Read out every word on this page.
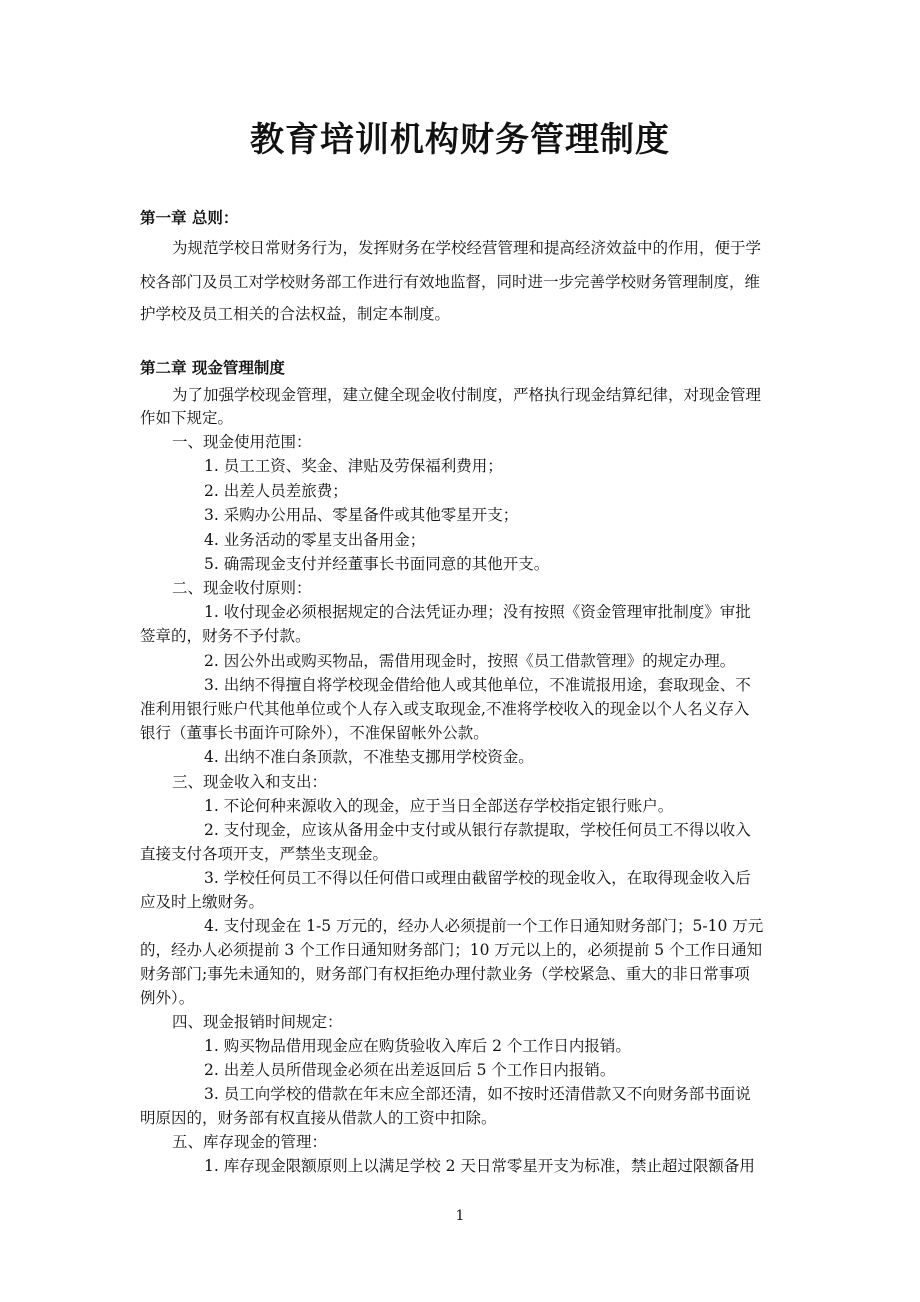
教育培训机构财务管理制度

第一章 总则：

为规范学校日常财务行为，发挥财务在学校经营管理和提高经济效益中的作用，便于学

校各部门及员工对学校财务部工作进行有效地监督，同时进一步完善学校财务管理制度，维

护学校及员工相关的合法权益，制定本制度。

第二章 现金管理制度

为了加强学校现金管理，建立健全现金收付制度，严格执行现金结算纪律，对现金管理

作如下规定。

一、现金使用范围：

1. 员工工资、奖金、津贴及劳保福利费用；

2. 出差人员差旅费；

3. 采购办公用品、零星备件或其他零星开支；

4. 业务活动的零星支出备用金；

5. 确需现金支付并经董事长书面同意的其他开支。

二、现金收付原则：

1. 收付现金必须根据规定的合法凭证办理；没有按照《资金管理审批制度》审批

签章的，财务不予付款。

2. 因公外出或购买物品，需借用现金时，按照《员工借款管理》的规定办理。

3. 出纳不得擅自将学校现金借给他人或其他单位，不准谎报用途，套取现金、不

准利用银行账户代其他单位或个人存入或支取现金,不准将学校收入的现金以个人名义存入

银行（董事长书面许可除外），不准保留帐外公款。

4. 出纳不准白条顶款，不准垫支挪用学校资金。

三、现金收入和支出：

1. 不论何种来源收入的现金，应于当日全部送存学校指定银行账户。

2. 支付现金，应该从备用金中支付或从银行存款提取，学校任何员工不得以收入

直接支付各项开支，严禁坐支现金。

3. 学校任何员工不得以任何借口或理由截留学校的现金收入，在取得现金收入后

应及时上缴财务。

4. 支付现金在 1-5 万元的，经办人必须提前一个工作日通知财务部门；5-10 万元

的，经办人必须提前 3 个工作日通知财务部门；10 万元以上的，必须提前 5 个工作日通知

财务部门;事先未通知的，财务部门有权拒绝办理付款业务（学校紧急、重大的非日常事项

例外）。

四、现金报销时间规定：

1. 购买物品借用现金应在购货验收入库后 2 个工作日内报销。

2. 出差人员所借现金必须在出差返回后 5 个工作日内报销。

3. 员工向学校的借款在年末应全部还清，如不按时还清借款又不向财务部书面说

明原因的，财务部有权直接从借款人的工资中扣除。

五、库存现金的管理：

1. 库存现金限额原则上以满足学校 2 天日常零星开支为标准，禁止超过限额备用

1
